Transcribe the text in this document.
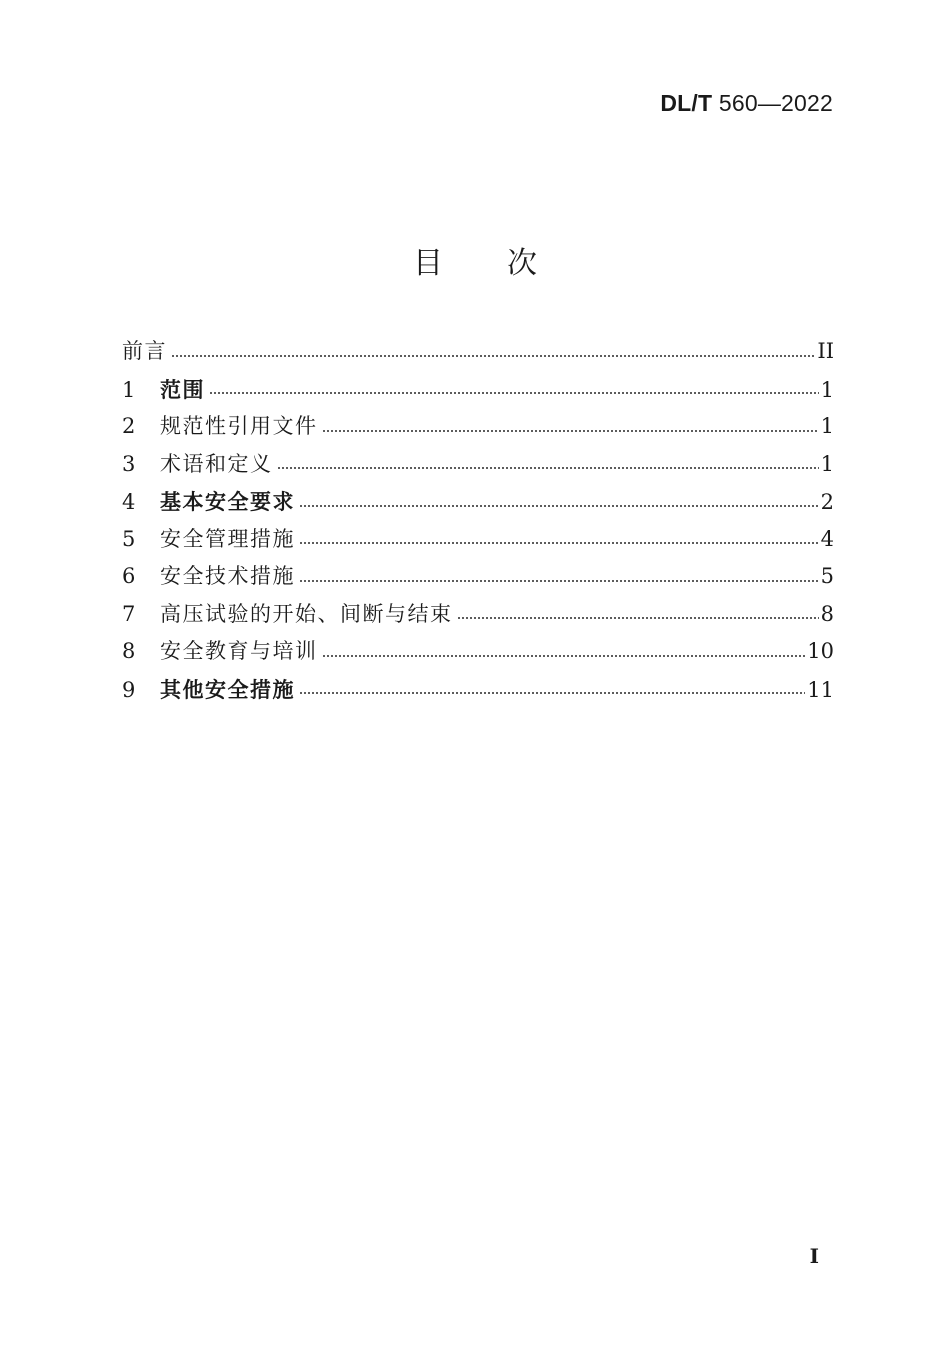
DL/T 560—2022
目次
前言	II
1	范围	1
2	规范性引用文件	1
3	术语和定义	1
4	基本安全要求	2
5	安全管理措施	4
6	安全技术措施	5
7	高压试验的开始、间断与结束	8
8	安全教育与培训	10
9	其他安全措施	11
I
